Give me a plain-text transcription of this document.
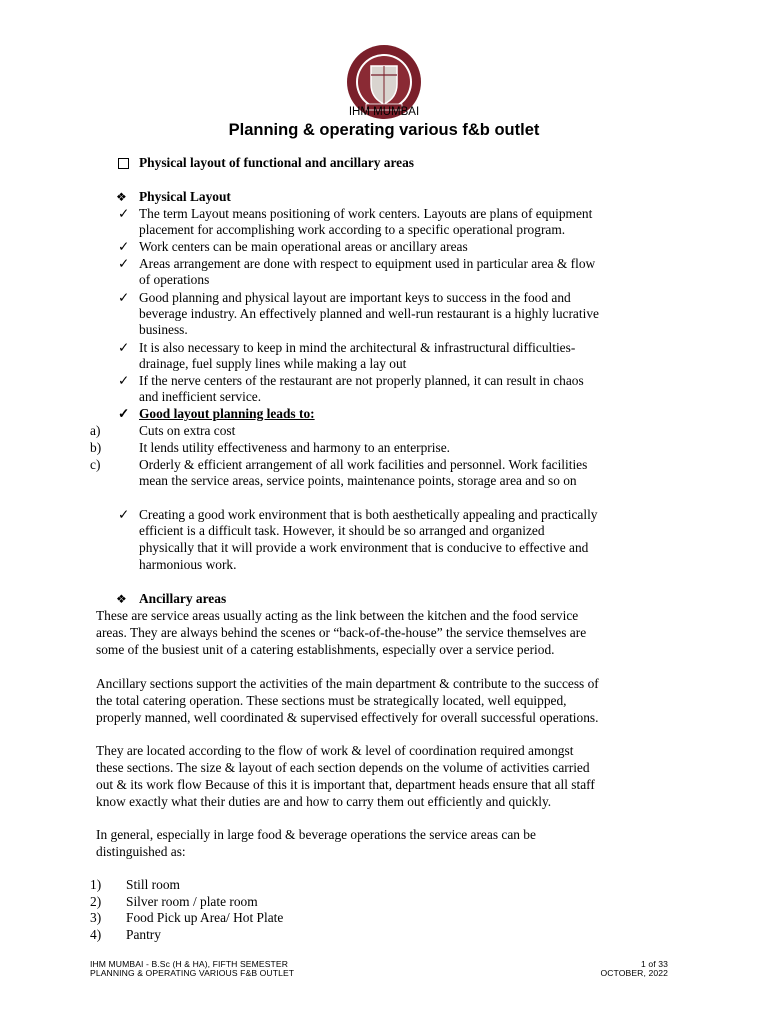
IHM MUMBAI
Planning & operating various f&b outlet
Physical layout of functional and ancillary areas
❖ Physical Layout
✓ The term Layout means positioning of work centers. Layouts are plans of equipment
placement for accomplishing work according to a specific operational program.
✓ Work centers can be main operational areas or ancillary areas
✓ Areas arrangement are done with respect to equipment used in particular area & flow
of operations
✓ Good planning and physical layout are important keys to success in the food and
beverage industry. An effectively planned and well-run restaurant is a highly lucrative
business.
✓ It is also necessary to keep in mind the architectural & infrastructural difficulties-
drainage, fuel supply lines while making a lay out
✓ If the nerve centers of the restaurant are not properly planned, it can result in chaos
and inefficient service.
✓ Good layout planning leads to:
a)	Cuts on extra cost
b)	It lends utility effectiveness and harmony to an enterprise.
c)	Orderly & efficient arrangement of all work facilities and personnel. Work facilities
mean the service areas, service points, maintenance points, storage area and so on
✓ Creating a good work environment that is both aesthetically appealing and practically
efficient is a difficult task. However, it should be so arranged and organized
physically that it will provide a work environment that is conducive to effective and
harmonious work.
❖ Ancillary areas
These are service areas usually acting as the link between the kitchen and the food service
areas. They are always behind the scenes or “back-of-the-house” the service themselves are
some of the busiest unit of a catering establishments, especially over a service period.
Ancillary sections support the activities of the main department & contribute to the success of
the total catering operation. These sections must be strategically located, well equipped,
properly manned, well coordinated & supervised effectively for overall successful operations.
They are located according to the flow of work & level of coordination required amongst
these sections. The size & layout of each section depends on the volume of activities carried
out & its work flow Because of this it is important that, department heads ensure that all staff
know exactly what their duties are and how to carry them out efficiently and quickly.
In general, especially in large food & beverage operations the service areas can be
distinguished as:
1) Still room
2) Silver room / plate room
3) Food Pick up Area/ Hot Plate
4) Pantry
IHM MUMBAI - B.Sc (H & HA), FIFTH SEMESTER
PLANNING & OPERATING VARIOUS F&B OUTLET
1 of 33
OCTOBER, 2022
